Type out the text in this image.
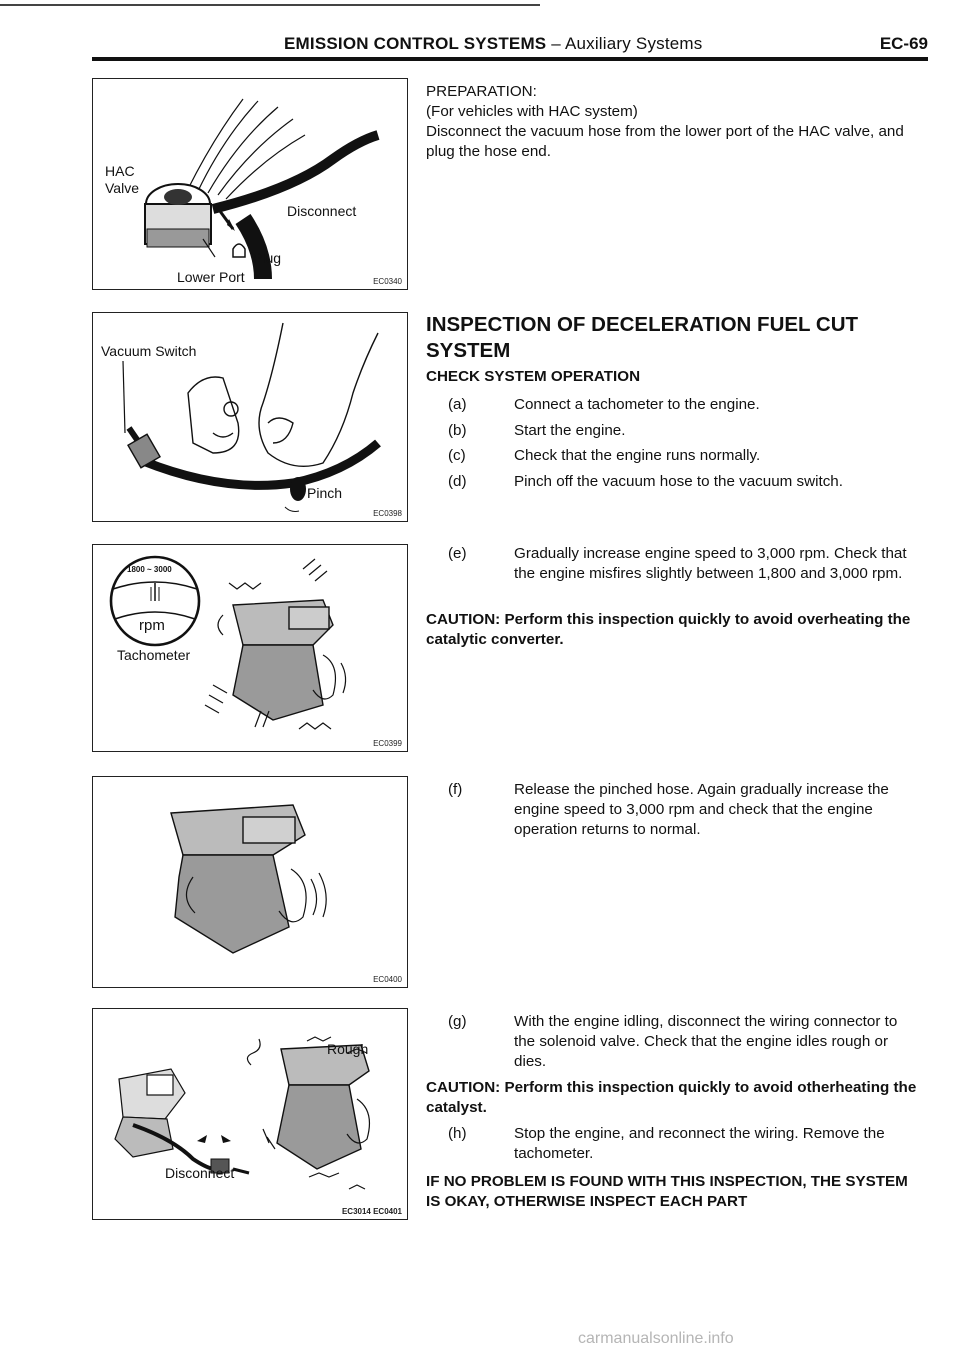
EMISSION CONTROL SYSTEMS – Auxiliary Systems	EC-69
HAC
Valve
Disconnect
Plug
Lower Port	EC0340
Vacuum Switch
Pinch
EC0398
1800 ~ 3000
rpm
Tachometer
EC0399
EC0400
Rough
Disconnect
EC3014 EC0401

PREPARATION:

(For vehicles with HAC system)

Disconnect the vacuum hose from the lower port of the HAC valve, and plug the hose end.

INSPECTION OF DECELERATION FUEL CUT SYSTEM
CHECK SYSTEM OPERATION
(a)	Connect a tachometer to the engine.
(b)	Start the engine.
(c)	Check that the engine runs normally.
(d)	Pinch off the vacuum hose to the vacuum switch.
(e)	Gradually increase engine speed to 3,000 rpm. Check that the engine misfires slightly between 1,800 and 3,000 rpm.
CAUTION: Perform this inspection quickly to avoid overheating the catalytic converter.
(f)	Release the pinched hose. Again gradually increase the engine speed to 3,000 rpm and check that the engine operation returns to normal.
(g)	With the engine idling, disconnect the wiring connector to the solenoid valve. Check that the engine idles rough or dies.
CAUTION: Perform this inspection quickly to avoid otherheating the catalyst.
(h)	Stop the engine, and reconnect the wiring. Remove the tachometer.
IF NO PROBLEM IS FOUND WITH THIS INSPECTION, THE SYSTEM IS OKAY, OTHERWISE INSPECT EACH PART
carmanualsonline.info
